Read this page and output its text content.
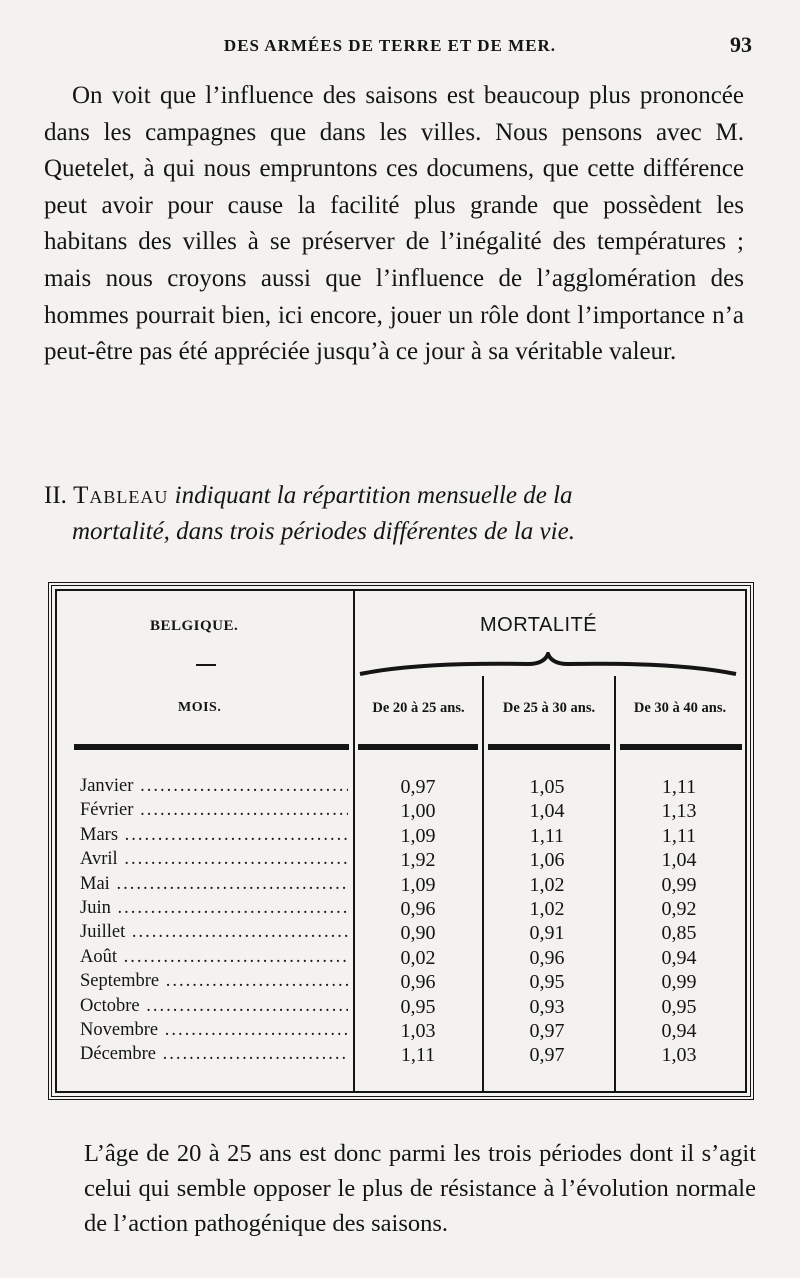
DES ARMÉES DE TERRE ET DE MER.	93

On voit que l’influence des saisons est beaucoup plus prononcée dans les campagnes que dans les villes. Nous pensons avec M. Quetelet, à qui nous empruntons ces documens, que cette différence peut avoir pour cause la facilité plus grande que possèdent les habitans des villes à se préserver de l’inégalité des températures ; mais nous croyons aussi que l’influence de l’agglomération des hommes pourrait bien, ici encore, jouer un rôle dont l’importance n’a peut-être pas été appréciée jusqu’à ce jour à sa véritable valeur.

II. Tableau indiquant la répartition mensuelle de la
mortalité, dans trois périodes différentes de la vie.

BELGIQUE.	MORTALITÉ
MOIS.	De 20 à 25 ans.	De 25 à 30 ans.	De 30 à 40 ans.
Janvier .....	0,97	1,05	1,11
Février .....	1,00	1,04	1,13
Mars .....	1,09	1,11	1,11
Avril .....	1,92	1,06	1,04
Mai .....	1,09	1,02	0,99
Juin .....	0,96	1,02	0,92
Juillet .....	0,90	0,91	0,85
Août .....	0,02	0,96	0,94
Septembre .....	0,96	0,95	0,99
Octobre .....	0,95	0,93	0,95
Novembre .....	1,03	0,97	0,94
Décembre .....	1,11	0,97	1,03

L’âge de 20 à 25 ans est donc parmi les trois périodes dont il s’agit celui qui semble opposer le plus de résistance à l’évolution normale de l’action pathogénique des saisons.
